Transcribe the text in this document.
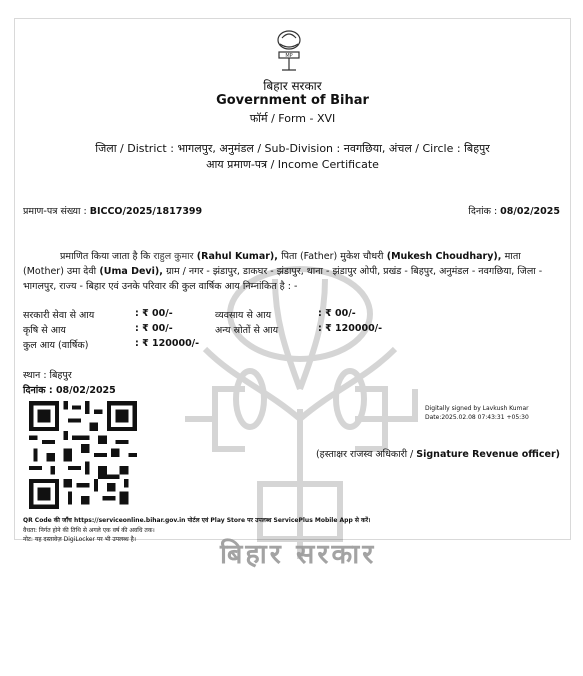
बिहार सरकार
MP
बिहार सरकार
Government of Bihar
फॉर्म / Form - XVI
जिला / District : भागलपुर, अनुमंडल / Sub-Division : नवगछिया, अंचल / Circle : बिहपुर
आय प्रमाण-पत्र / Income Certificate
प्रमाण-पत्र संख्या : BICCO/2025/1817399	दिनांक : 08/02/2025
प्रमाणित किया जाता है कि राहुल कुमार (Rahul Kumar), पिता (Father) मुकेश चौधरी (Mukesh Choudhary), माता (Mother) उमा देवी (Uma Devi), ग्राम / नगर - झंडापुर, डाकघर - झंडापुर, थाना - झंडापुर ओपी, प्रखंड - बिहपुर, अनुमंडल - नवगछिया, जिला - भागलपुर, राज्य - बिहार एवं उनके परिवार की कुल वार्षिक आय निम्नांकित है : -
सरकारी सेवा से आय	: ₹ 00/-	व्यवसाय से आय	: ₹ 00/-
कृषि से आय	: ₹ 00/-	अन्य स्रोतों से आय	: ₹ 120000/-
कुल आय (वार्षिक)	: ₹ 120000/-
स्थान : बिहपुर
दिनांक : 08/02/2025
Digitally signed by Lavkush Kumar
Date:2025.02.08 07:43:31 +05:30
(हस्ताक्षर राजस्व अधिकारी / Signature Revenue officer)
QR Code की जाँच https://serviceonline.bihar.gov.in पोर्टल एवं Play Store पर उपलब्ध ServicePlus Mobile App से करें।
वैधता: निर्गत होने की तिथि से अगले एक वर्ष की अवधि तक।
नोट: यह दस्तावेज़ DigiLocker पर भी उपलब्ध है।
